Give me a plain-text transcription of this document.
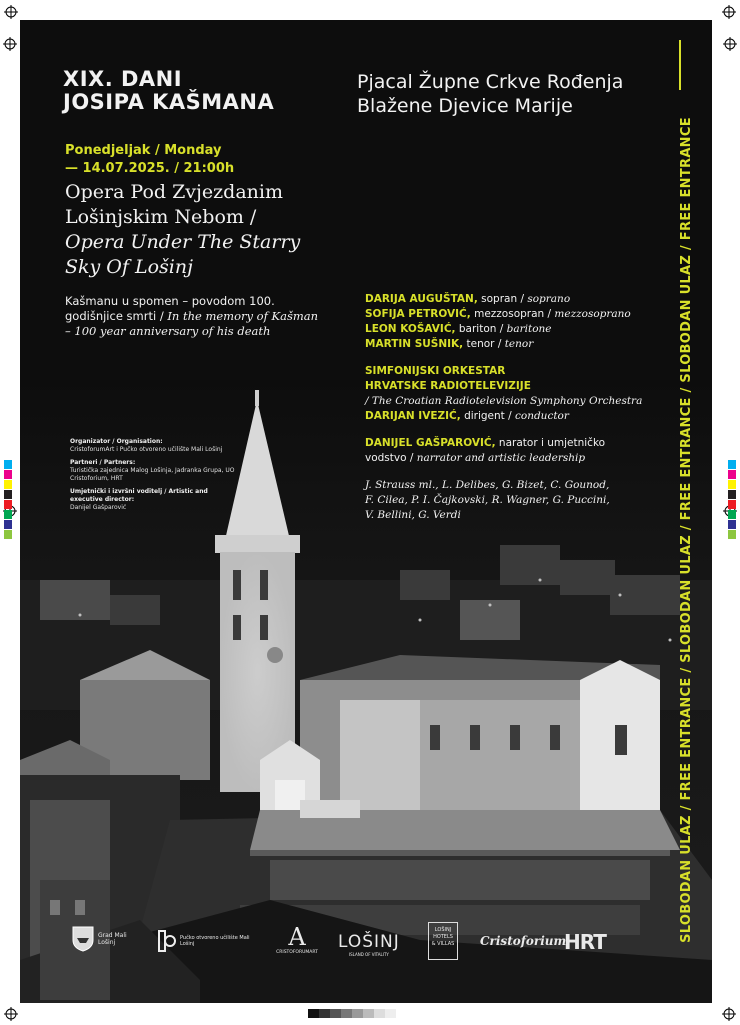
XIX. DANI
JOSIPA KAŠMANA
Pjacal Župne Crkve Rođenja
Blažene Djevice Marije
Ponedjeljak / Monday
— 14.07.2025. / 21:00h
Opera Pod Zvjezdanim
Lošinjskim Nebom /
Opera Under The Starry
Sky Of Lošinj
Kašmanu u spomen – povodom 100.
godišnjice smrti / In the memory of Kašman
– 100 year anniversary of his death
DARIJA AUGUŠTAN, sopran / soprano
SOFIJA PETROVIĆ, mezzosopran / mezzosoprano
LEON KOŠAVIĆ, bariton / baritone
MARTIN SUŠNIK, tenor / tenor
SIMFONIJSKI ORKESTAR
HRVATSKE RADIOTELEVIZIJE
/ The Croatian Radiotelevision Symphony Orchestra
DARIJAN IVEZIĆ, dirigent / conductor
DANIJEL GAŠPAROVIĆ, narator i umjetničko
vodstvo / narrator and artistic leadership
J. Strauss ml., L. Delibes, G. Bizet, C. Gounod,
F. Cilea, P. I. Čajkovski, R. Wagner, G. Puccini,
V. Bellini, G. Verdi
Organizator / Organisation:
CristoforumArt i Pučko otvoreno učilište Mali Lošinj
Partneri / Partners:
Turistička zajednica Malog Lošinja, Jadranka Grupa, UO Cristoforium, HRT
Umjetnički i izvršni voditelj / Artistic and executive director:
Danijel Gašparović	SLOBODAN ULAZ / FREE ENTRANCE / SLOBODAN ULAZ / FREE ENTRANCE / SLOBODAN ULAZ / FREE ENTRANCE
Grad Mali Lošinj
Pučko otvoreno učilište Mali Lošinj	A
CRISTOFORUMART
LOŠINJ
ISLAND OF VITALITY
LOŠINJ
HOTELS
& VILLAS Cristoforium
HRT
